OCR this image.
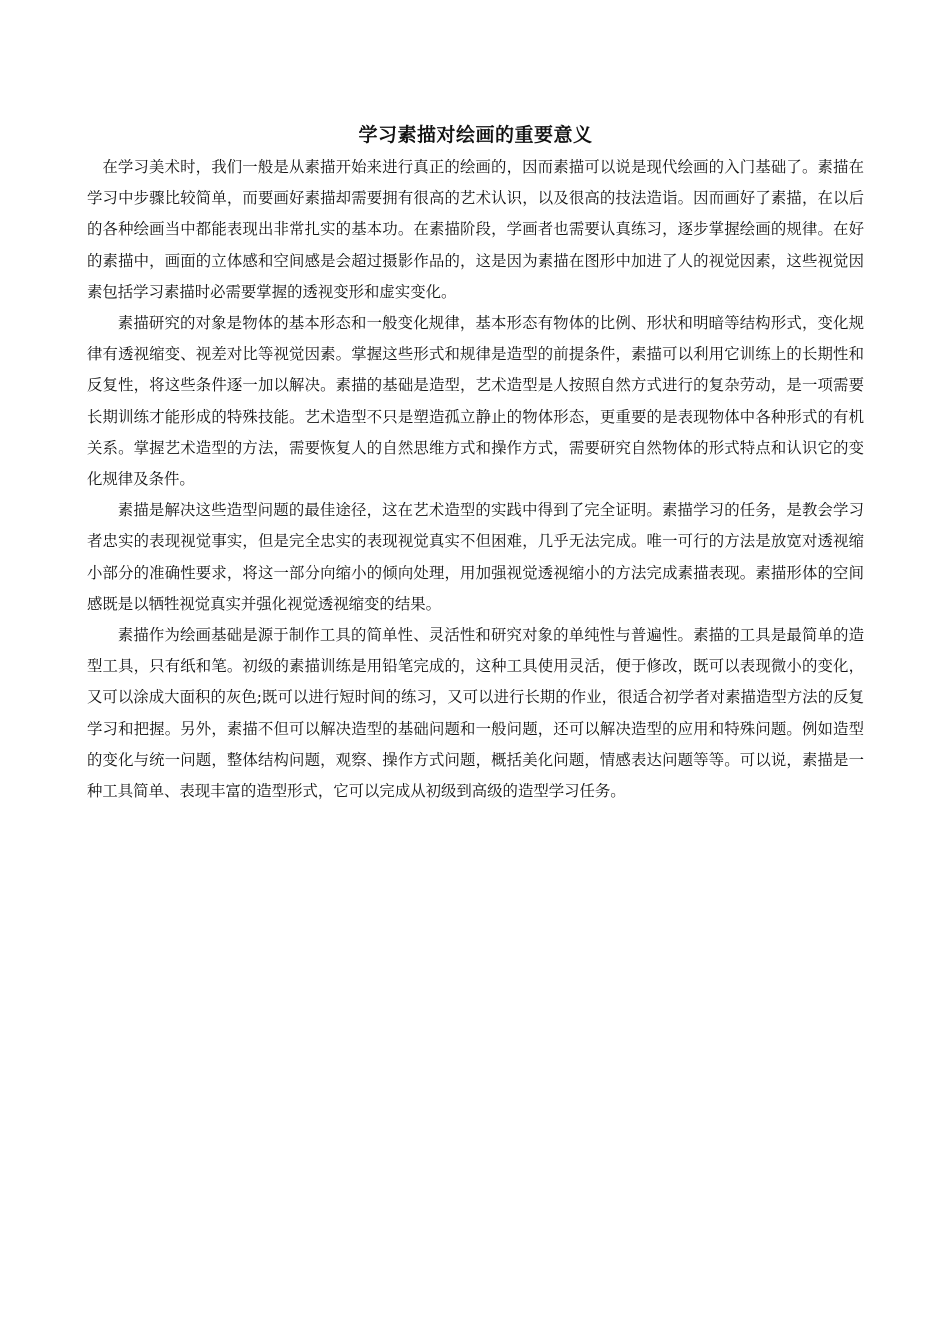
学习素描对绘画的重要意义

在学习美术时，我们一般是从素描开始来进行真正的绘画的，因而素描可以说是现代绘画的入门基础了。素描在学习中步骤比较简单，而要画好素描却需要拥有很高的艺术认识，以及很高的技法造诣。因而画好了素描，在以后的各种绘画当中都能表现出非常扎实的基本功。在素描阶段，学画者也需要认真练习，逐步掌握绘画的规律。在好的素描中，画面的立体感和空间感是会超过摄影作品的，这是因为素描在图形中加进了人的视觉因素，这些视觉因素包括学习素描时必需要掌握的透视变形和虚实变化。

素描研究的对象是物体的基本形态和一般变化规律，基本形态有物体的比例、形状和明暗等结构形式，变化规律有透视缩变、视差对比等视觉因素。掌握这些形式和规律是造型的前提条件，素描可以利用它训练上的长期性和反复性，将这些条件逐一加以解决。素描的基础是造型，艺术造型是人按照自然方式进行的复杂劳动，是一项需要长期训练才能形成的特殊技能。艺术造型不只是塑造孤立静止的物体形态，更重要的是表现物体中各种形式的有机关系。掌握艺术造型的方法，需要恢复人的自然思维方式和操作方式，需要研究自然物体的形式特点和认识它的变化规律及条件。

素描是解决这些造型问题的最佳途径，这在艺术造型的实践中得到了完全证明。素描学习的任务，是教会学习者忠实的表现视觉事实，但是完全忠实的表现视觉真实不但困难，几乎无法完成。唯一可行的方法是放宽对透视缩小部分的准确性要求，将这一部分向缩小的倾向处理，用加强视觉透视缩小的方法完成素描表现。素描形体的空间感既是以牺牲视觉真实并强化视觉透视缩变的结果。

素描作为绘画基础是源于制作工具的简单性、灵活性和研究对象的单纯性与普遍性。素描的工具是最简单的造型工具，只有纸和笔。初级的素描训练是用铅笔完成的，这种工具使用灵活，便于修改，既可以表现微小的变化，又可以涂成大面积的灰色;既可以进行短时间的练习，又可以进行长期的作业，很适合初学者对素描造型方法的反复学习和把握。另外，素描不但可以解决造型的基础问题和一般问题，还可以解决造型的应用和特殊问题。例如造型的变化与统一问题，整体结构问题，观察、操作方式问题，概括美化问题，情感表达问题等等。可以说，素描是一种工具简单、表现丰富的造型形式，它可以完成从初级到高级的造型学习任务。
